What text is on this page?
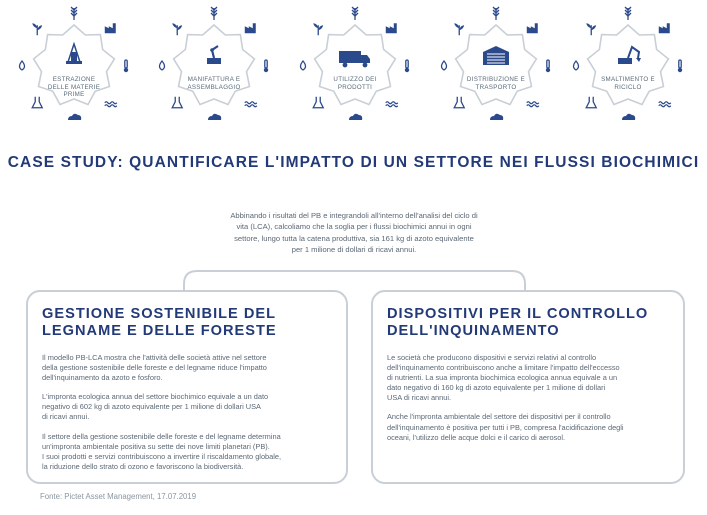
ESTRAZIONE DELLE MATERIE PRIME
MANIFATTURA E ASSEMBLAGGIO
UTILIZZO DEI PRODOTTI
DISTRIBUZIONE E TRASPORTO
SMALTIMENTO E RICICLO
CASE STUDY: QUANTIFICARE L'IMPATTO DI UN SETTORE NEI FLUSSI BIOCHIMICI
Abbinando i risultati del PB e integrandoli all'interno dell'analisi del ciclo di
vita (LCA), calcoliamo che la soglia per i flussi biochimici annui in ogni
settore, lungo tutta la catena produttiva, sia 161 kg di azoto equivalente
per 1 milione di dollari di ricavi annui.
GESTIONE SOSTENIBILE DEL
LEGNAME E DELLE FORESTE

Il modello PB-LCA mostra che l'attività delle società attive nel settore
della gestione sostenibile delle foreste e del legname riduce l'impatto
dell'inquinamento da azoto e fosforo.

L'impronta ecologica annua del settore biochimico equivale a un dato
negativo di 602 kg di azoto equivalente per 1 milione di dollari USA
di ricavi annui.

Il settore della gestione sostenibile delle foreste e del legname determina
un'impronta ambientale positiva su sette dei nove limiti planetari (PB).
I suoi prodotti e servizi contribuiscono a invertire il riscaldamento globale,
la riduzione dello strato di ozono e favoriscono la biodiversità.

DISPOSITIVI PER IL CONTROLLO
DELL'INQUINAMENTO

Le società che producono dispositivi e servizi relativi al controllo
dell'inquinamento contribuiscono anche a limitare l'impatto dell'eccesso
di nutrienti. La sua impronta biochimica ecologica annua equivale a un
dato negativo di 160 kg di azoto equivalente per 1 milione di dollari
USA di ricavi annui.

Anche l'impronta ambientale del settore dei dispositivi per il controllo
dell'inquinamento è positiva per tutti i PB, compresa l'acidificazione degli
oceani, l'utilizzo delle acque dolci e il carico di aerosol.

Fonte: Pictet Asset Management, 17.07.2019
